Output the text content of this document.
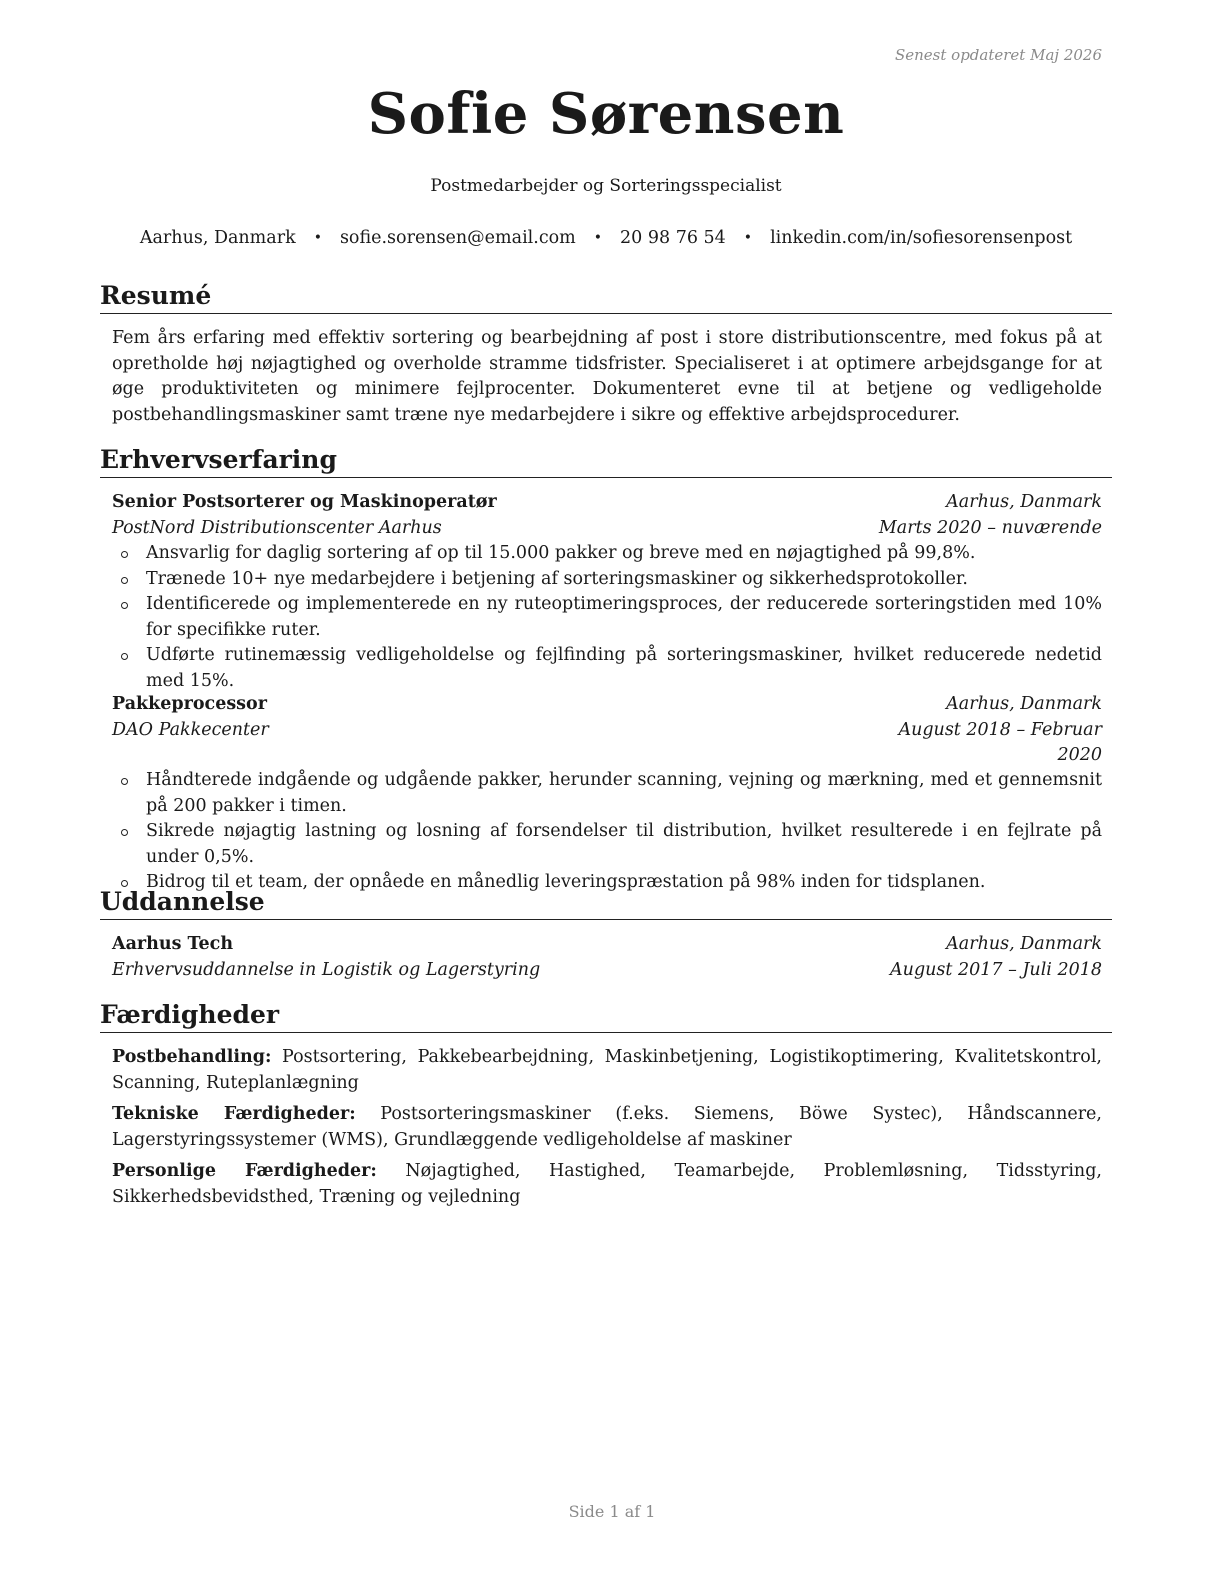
Senest opdateret Maj 2026
Sofie Sørensen
Postmedarbejder og Sorteringsspecialist
Aarhus, Danmark • sofie.sorensen@email.com • 20 98 76 54 • linkedin.com/in/sofiesorensenpost
Resumé
Fem års erfaring med effektiv sortering og bearbejdning af post i store distributionscentre, med fokus på at opretholde høj nøjagtighed og overholde stramme tidsfrister. Specialiseret i at optimere arbejdsgange for at øge produktiviteten og minimere fejlprocenter. Dokumenteret evne til at betjene og vedligeholde postbehandlingsmaskiner samt træne nye medarbejdere i sikre og effektive arbejdsprocedurer.
Erhvervserfaring
Senior Postsorterer og Maskinoperatør	Aarhus, Danmark
PostNord Distributionscenter Aarhus	Marts 2020 – nuværende
Ansvarlig for daglig sortering af op til 15.000 pakker og breve med en nøjagtighed på 99,8%.
Trænede 10+ nye medarbejdere i betjening af sorteringsmaskiner og sikkerhedsprotokoller.
Identificerede og implementerede en ny ruteoptimeringsproces, der reducerede sorteringstiden med 10% for specifikke ruter.
Udførte rutinemæssig vedligeholdelse og fejlfinding på sorteringsmaskiner, hvilket reducerede nedetid med 15%.
Pakkeprocessor	Aarhus, Danmark
DAO Pakkecenter	August 2018 – Februar 2020
Håndterede indgående og udgående pakker, herunder scanning, vejning og mærkning, med et gennemsnit på 200 pakker i timen.
Sikrede nøjagtig lastning og losning af forsendelser til distribution, hvilket resulterede i en fejlrate på under 0,5%.
Bidrog til et team, der opnåede en månedlig leveringspræstation på 98% inden for tidsplanen.
Uddannelse
Aarhus Tech	Aarhus, Danmark
Erhvervsuddannelse in Logistik og Lagerstyring	August 2017 – Juli 2018
Færdigheder
Postbehandling: Postsortering, Pakkebearbejdning, Maskinbetjening, Logistikoptimering, Kvalitetskontrol, Scanning, Ruteplanlægning
Tekniske Færdigheder: Postsorteringsmaskiner (f.eks. Siemens, Böwe Systec), Håndscannere, Lagerstyringssystemer (WMS), Grundlæggende vedligeholdelse af maskiner
Personlige Færdigheder: Nøjagtighed, Hastighed, Teamarbejde, Problemløsning, Tidsstyring, Sikkerhedsbevidsthed, Træning og vejledning
Side 1 af 1
